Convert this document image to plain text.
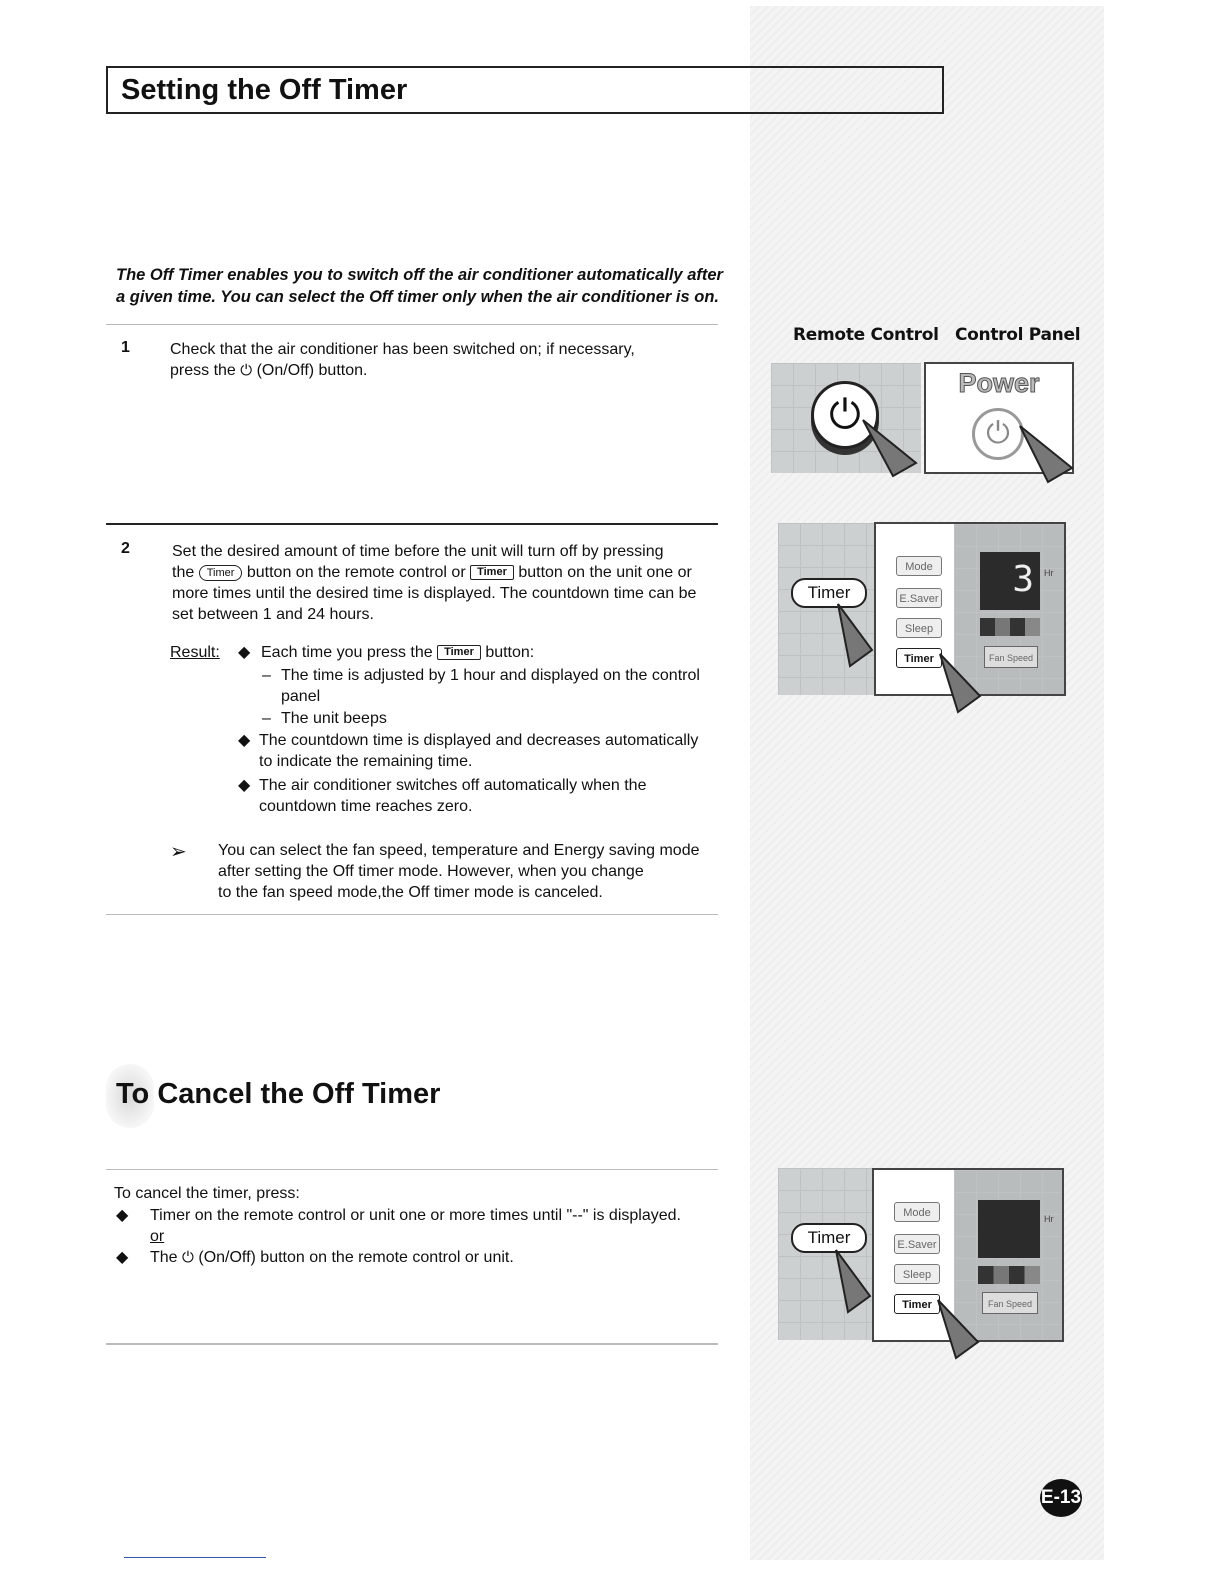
Setting the Off Timer
The Off Timer enables you to switch off the air conditioner automatically after
a given time. You can select the Off timer only when the air conditioner is on.
1	Check that the air conditioner has been switched on; if necessary,
press the ⏻ (On/Off) button.
2	Set the desired amount of time before the unit will turn off by pressing
the Timer button on the remote control or Timer button on the unit one or
more times until the desired time is displayed. The countdown time can be
set between 1 and 24 hours.
Result: ◆ Each time you press the Timer button:
– The time is adjusted by 1 hour and displayed on the control
panel
– The unit beeps
◆ The countdown time is displayed and decreases automatically
to indicate the remaining time.
◆ The air conditioner switches off automatically when the
countdown time reaches zero.
➢ You can select the fan speed, temperature and Energy saving mode
after setting the Off timer mode. However, when you change
to the fan speed mode,the Off timer mode is canceled.
To Cancel the Off Timer
To cancel the timer, press:
◆ Timer on the remote control or unit one or more times until "--" is displayed.
or
◆ The ⏻ (On/Off) button on the remote control or unit.
Remote Control Control Panel
⏻
Power
⏻
Timer
Mode
E.Saver
Sleep
Timer
3	Hr
Fan Speed
Timer
Mode
E.Saver
Sleep
Timer
Hr
Fan Speed
E-13
